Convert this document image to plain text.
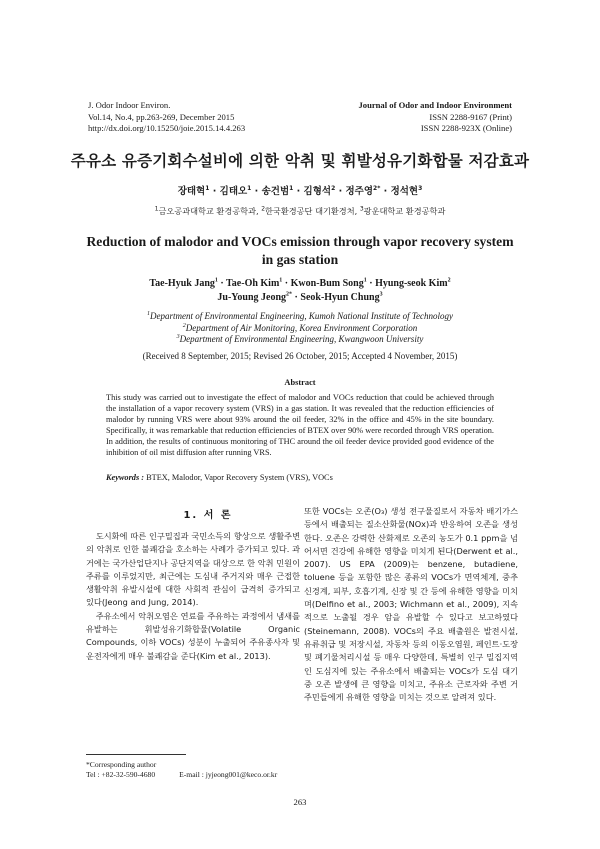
J. Odor Indoor Environ.
Vol.14, No.4, pp.263-269, December 2015
http://dx.doi.org/10.15250/joie.2015.14.4.263
Journal of Odor and Indoor Environment
ISSN 2288-9167 (Print)
ISSN 2288-923X (Online)
주유소 유증기회수설비에 의한 악취 및 휘발성유기화합물 저감효과
장태혁$^1$ · 김태오$^1$ · 송건범$^1$ · 김형석$^2$ · 정주영$^{2*}$ · 정석현$^3$
$^1$금오공과대학교 환경공학과, $^2$한국환경공단 대기환경처, $^3$광운대학교 환경공학과
Reduction of malodor and VOCs emission through vapor recovery system
in gas station
Tae-Hyuk Jang$^1$ · Tae-Oh Kim$^1$ · Kwon-Bum Song$^1$ · Hyung-seok Kim$^2$
Ju-Young Jeong$^{2*}$ · Seok-Hyun Chung$^3$
$^1$Department of Environmental Engineering, Kumoh National Institute of Technology
$^2$Department of Air Monitoring, Korea Environment Corporation
$^3$Department of Environmental Engineering, Kwangwoon University
(Received 8 September, 2015; Revised 26 October, 2015; Accepted 4 November, 2015)
Abstract
This study was carried out to investigate the effect of malodor and VOCs reduction that could be achieved through the installation of a vapor recovery system (VRS) in a gas station. It was revealed that the reduction efficiencies of malodor by running VRS were about 93% around the oil feeder, 32% in the office and 45% in the site boundary. Specifically, it was remarkable that reduction efficiencies of BTEX over 90% were recorded through VRS operation. In addition, the results of continuous monitoring of THC around the oil feeder device provided good evidence of the inhibition of oil mist diffusion after running VRS.
Keywords : BTEX, Malodor, Vapor Recovery System (VRS), VOCs
1. 서 론

도시화에 따른 인구밀집과 국민소득의 향상으로 생활주변의 악취로 인한 불쾌감을 호소하는 사례가 증가되고 있다. 과거에는 국가산업단지나 공단지역을 대상으로 한 악취 민원이 주류를 이루었지만, 최근에는 도심내 주거지와 매우 근접한 생활악취 유발시설에 대한 사회적 관심이 급격히 증가되고 있다(Jeong and Jung, 2014).

주유소에서 악취오염은 연료를 주유하는 과정에서 냄새를 유발하는 휘발성유기화합물(Volatile Organic Compounds, 이하 VOCs) 성분이 누출되어 주유종사자 및 운전자에게 매우 불쾌감을 준다(Kim et al., 2013).

또한 VOCs는 오존(O₃) 생성 전구물질로서 자동차 배기가스 등에서 배출되는 질소산화물(NOx)과 반응하여 오존을 생성한다. 오존은 강력한 산화제로 오존의 농도가 0.1 ppm을 넘어서면 건강에 유해한 영향을 미치게 된다(Derwent et al., 2007). US EPA (2009)는 benzene, butadiene, toluene 등을 포함한 많은 종류의 VOCs가 면역체계, 중추신경계, 피부, 호흡기계, 신장 및 간 등에 유해한 영향을 미치며(Delfino et al., 2003; Wichmann et al., 2009), 지속적으로 노출될 경우 암을 유발할 수 있다고 보고하였다(Steinemann, 2008). VOCs의 주요 배출원은 발전시설, 유류취급 및 저장시설, 자동차 등의 이동오염원, 페인트·도장 및 폐기물처리시설 등 매우 다양한데, 특별히 인구 밀집지역인 도심지에 있는 주유소에서 배출되는 VOCs가 도심 대기 중 오존 발생에 큰 영향을 미치고, 주유소 근로자와 주변 거주민들에게 유해한 영향을 미치는 것으로 알려져 있다.

*Corresponding author
Tel : +82-32-590-4680	E-mail : jyjeong001@keco.or.kr
263
